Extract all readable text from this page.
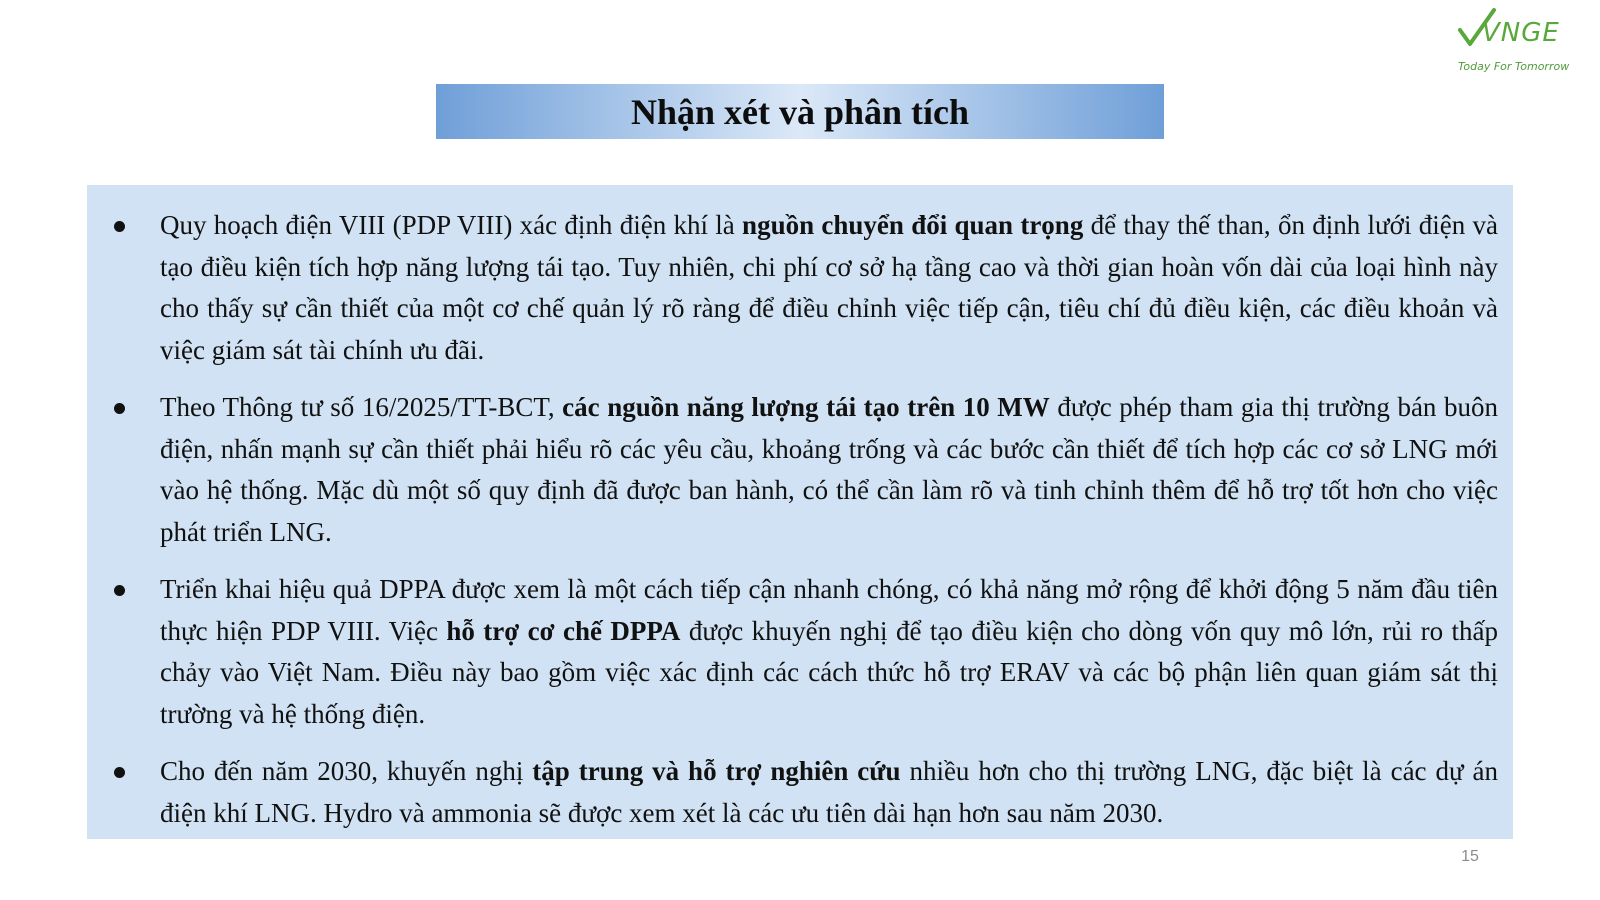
VNGE
Today For Tomorrow
Nhận xét và phân tích
Quy hoạch điện VIII (PDP VIII) xác định điện khí là nguồn chuyển đổi quan trọng để thay thế than, ổn định lưới điện và tạo điều kiện tích hợp năng lượng tái tạo. Tuy nhiên, chi phí cơ sở hạ tầng cao và thời gian hoàn vốn dài của loại hình này cho thấy sự cần thiết của một cơ chế quản lý rõ ràng để điều chỉnh việc tiếp cận, tiêu chí đủ điều kiện, các điều khoản và việc giám sát tài chính ưu đãi.
Theo Thông tư số 16/2025/TT-BCT, các nguồn năng lượng tái tạo trên 10 MW được phép tham gia thị trường bán buôn điện, nhấn mạnh sự cần thiết phải hiểu rõ các yêu cầu, khoảng trống và các bước cần thiết để tích hợp các cơ sở LNG mới vào hệ thống. Mặc dù một số quy định đã được ban hành, có thể cần làm rõ và tinh chỉnh thêm để hỗ trợ tốt hơn cho việc phát triển LNG.
Triển khai hiệu quả DPPA được xem là một cách tiếp cận nhanh chóng, có khả năng mở rộng để khởi động 5 năm đầu tiên thực hiện PDP VIII. Việc hỗ trợ cơ chế DPPA được khuyến nghị để tạo điều kiện cho dòng vốn quy mô lớn, rủi ro thấp chảy vào Việt Nam. Điều này bao gồm việc xác định các cách thức hỗ trợ ERAV và các bộ phận liên quan giám sát thị trường và hệ thống điện.
Cho đến năm 2030, khuyến nghị tập trung và hỗ trợ nghiên cứu nhiều hơn cho thị trường LNG, đặc biệt là các dự án điện khí LNG. Hydro và ammonia sẽ được xem xét là các ưu tiên dài hạn hơn sau năm 2030.
15
